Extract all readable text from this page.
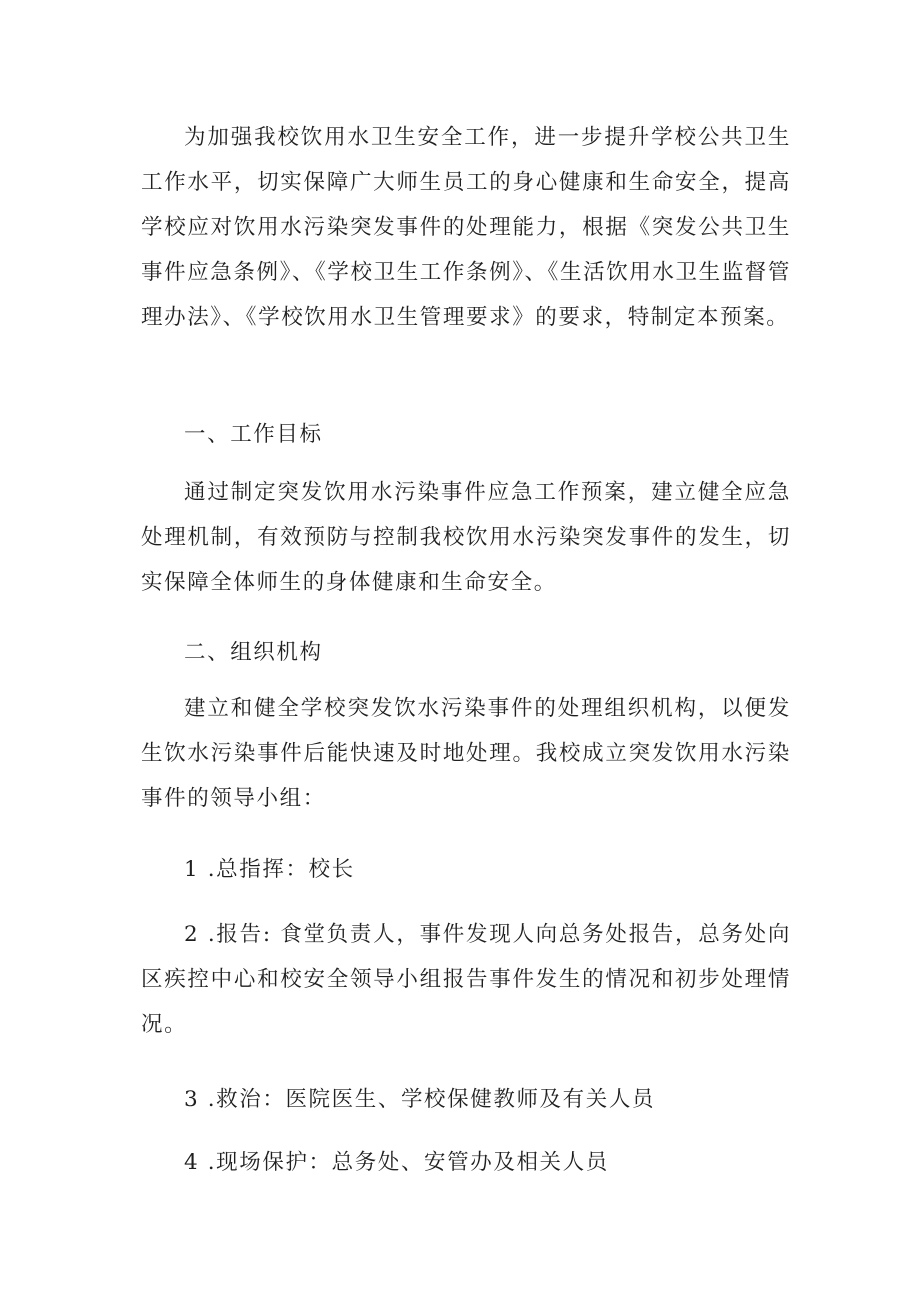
为加强我校饮用水卫生安全工作，进一步提升学校公共卫生工作水平，切实保障广大师生员工的身心健康和生命安全，提高学校应对饮用水污染突发事件的处理能力，根据《突发公共卫生事件应急条例》、《学校卫生工作条例》、《生活饮用水卫生监督管理办法》、《学校饮用水卫生管理要求》的要求，特制定本预案。

一、工作目标

通过制定突发饮用水污染事件应急工作预案，建立健全应急处理机制，有效预防与控制我校饮用水污染突发事件的发生，切实保障全体师生的身体健康和生命安全。

二、组织机构

建立和健全学校突发饮水污染事件的处理组织机构，以便发生饮水污染事件后能快速及时地处理。我校成立突发饮用水污染事件的领导小组：

1 .总指挥：校长

2 .报告: 食堂负责人，事件发现人向总务处报告，总务处向区疾控中心和校安全领导小组报告事件发生的情况和初步处理情况。

3 .救治：医院医生、学校保健教师及有关人员

4 .现场保护：总务处、安管办及相关人员
